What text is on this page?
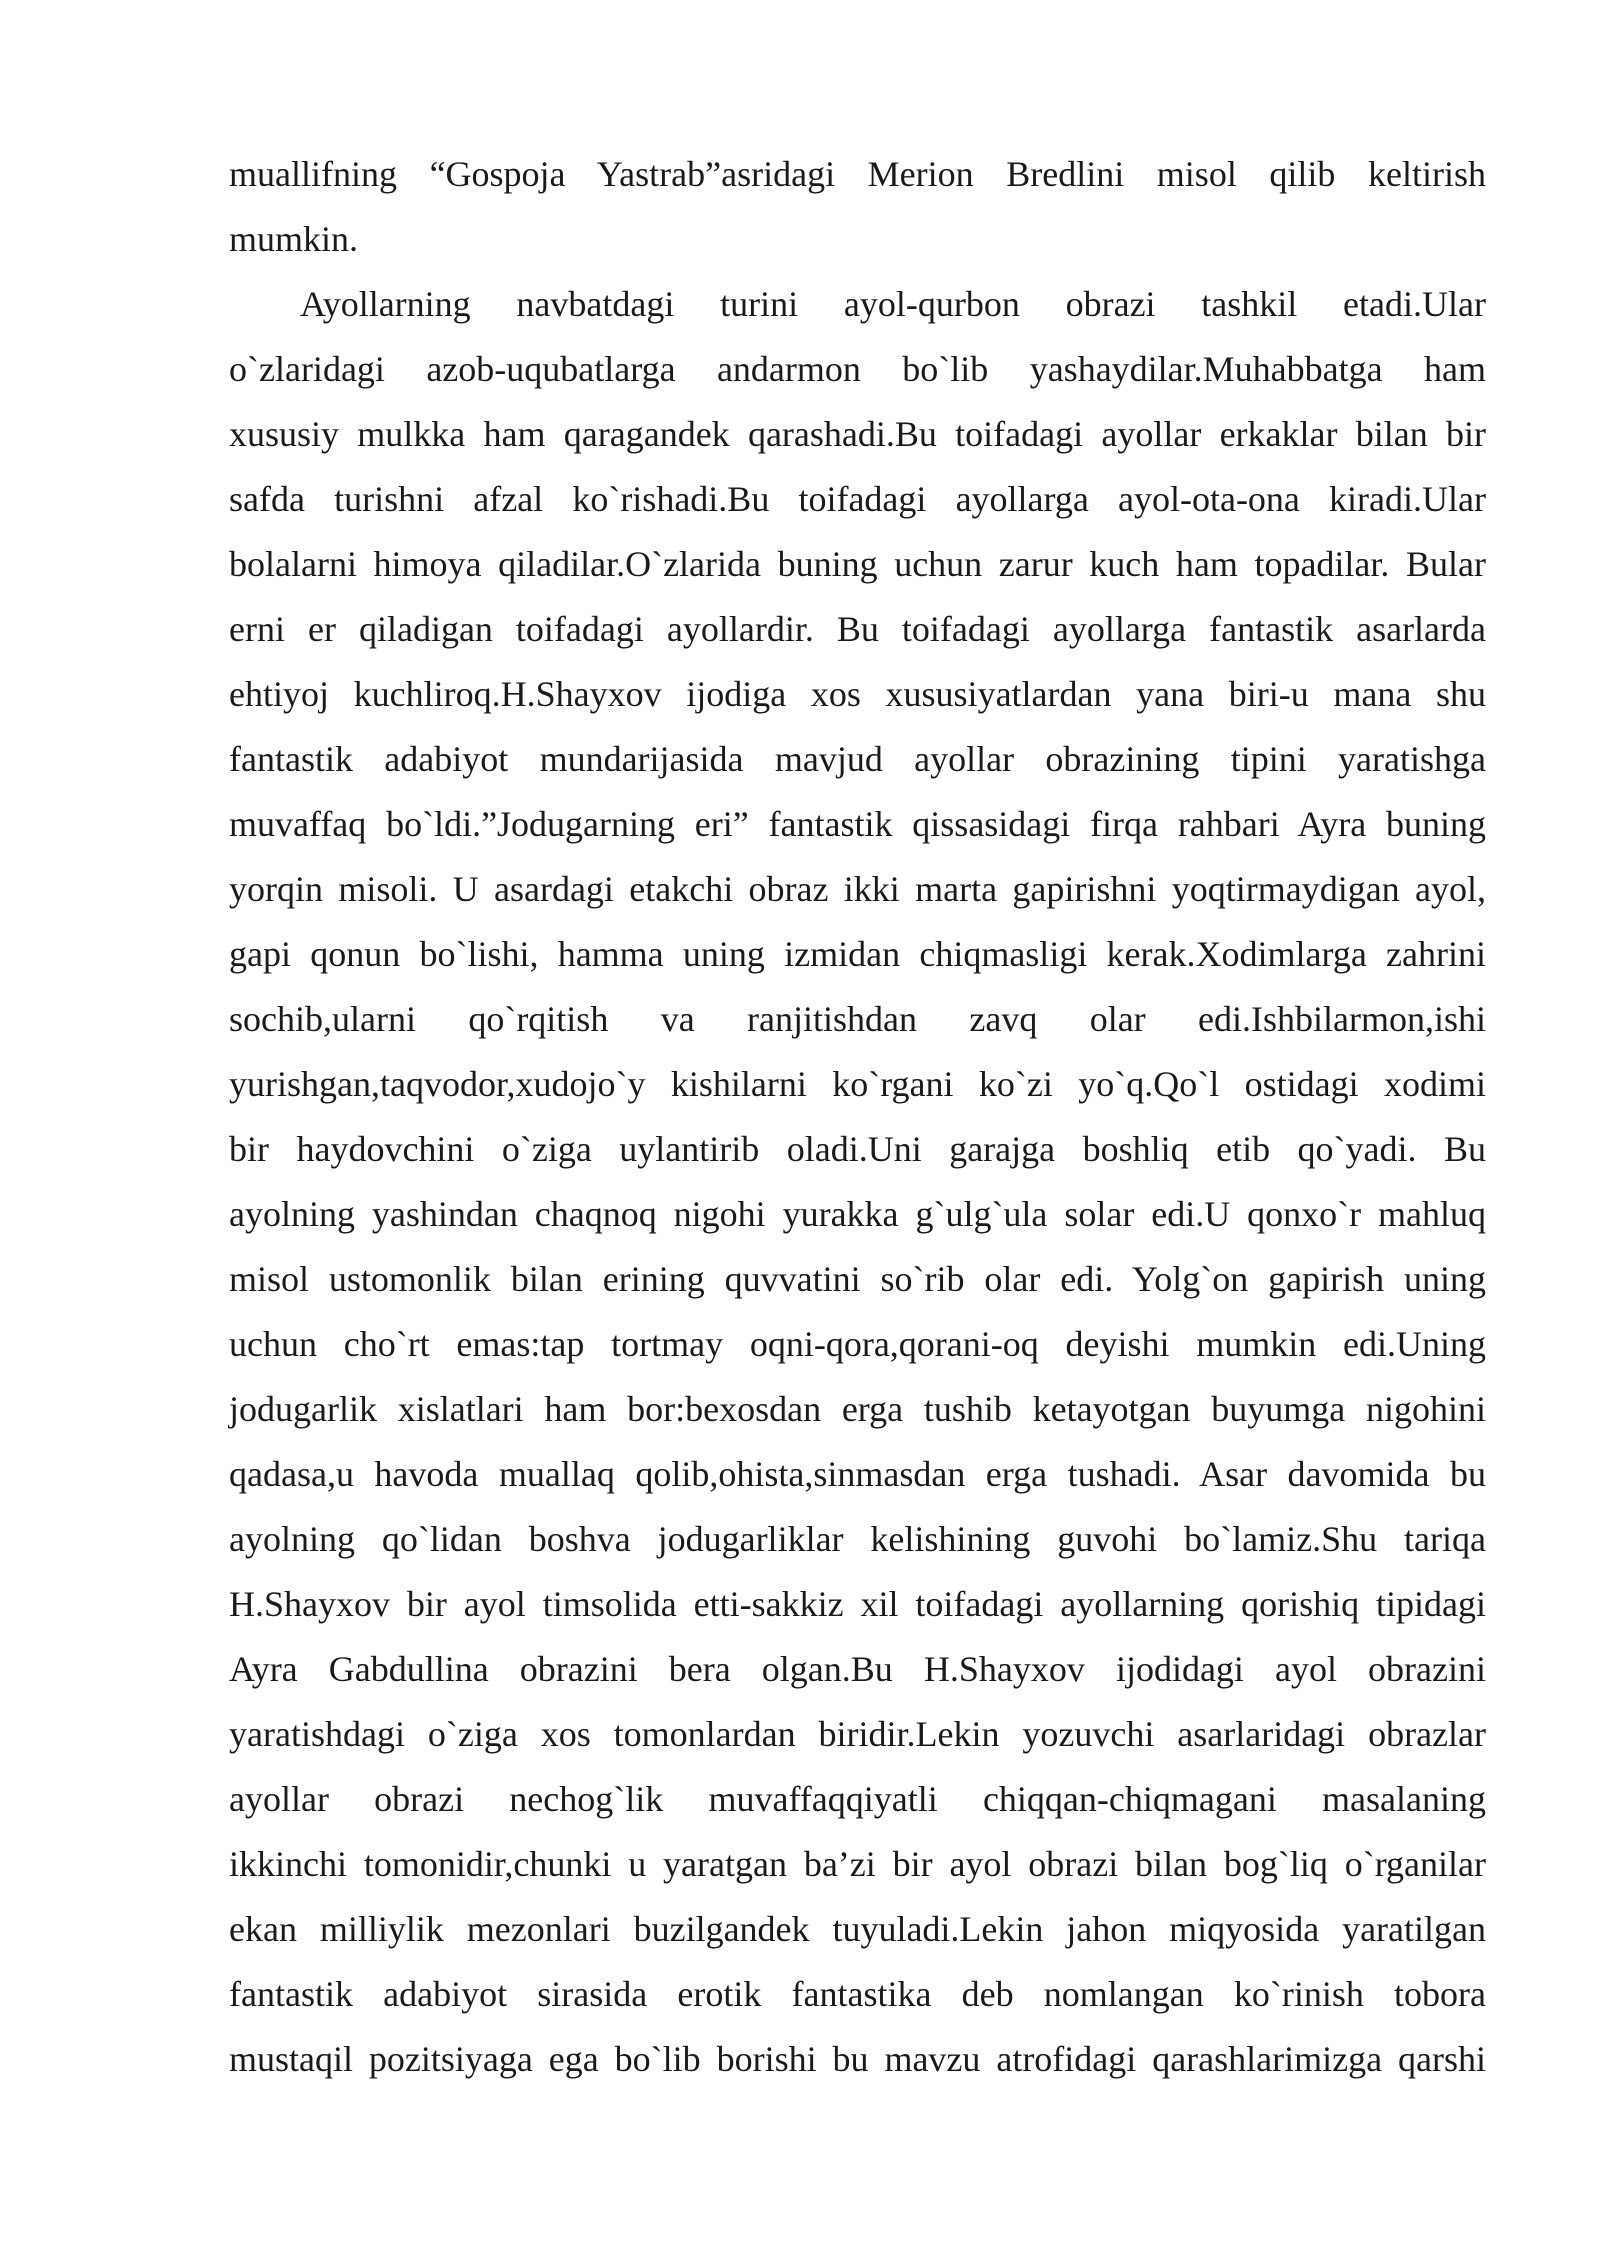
muallifning “Gospoja Yastrab”asridagi Merion Bredlini misol qilib keltirish
mumkin.
Ayollarning navbatdagi turini ayol-qurbon obrazi tashkil etadi.Ular
o`zlaridagi azob-uqubatlarga andarmon bo`lib yashaydilar.Muhabbatga ham
xususiy mulkka ham qaragandek qarashadi.Bu toifadagi ayollar erkaklar bilan bir
safda turishni afzal ko`rishadi.Bu toifadagi ayollarga ayol-ota-ona kiradi.Ular
bolalarni himoya qiladilar.O`zlarida buning uchun zarur kuch ham topadilar. Bular
erni er qiladigan toifadagi ayollardir. Bu toifadagi ayollarga fantastik asarlarda
ehtiyoj kuchliroq.H.Shayxov ijodiga xos xususiyatlardan yana biri-u mana shu
fantastik adabiyot mundarijasida mavjud ayollar obrazining tipini yaratishga
muvaffaq bo`ldi.”Jodugarning eri” fantastik qissasidagi firqa rahbari Ayra buning
yorqin misoli. U asardagi etakchi obraz ikki marta gapirishni yoqtirmaydigan ayol,
gapi qonun bo`lishi, hamma uning izmidan chiqmasligi kerak.Xodimlarga zahrini
sochib,ularni qo`rqitish va ranjitishdan zavq olar edi.Ishbilarmon,ishi
yurishgan,taqvodor,xudojo`y kishilarni ko`rgani ko`zi yo`q.Qo`l ostidagi xodimi
bir haydovchini o`ziga uylantirib oladi.Uni garajga boshliq etib qo`yadi. Bu
ayolning yashindan chaqnoq nigohi yurakka g`ulg`ula solar edi.U qonxo`r mahluq
misol ustomonlik bilan erining quvvatini so`rib olar edi. Yolg`on gapirish uning
uchun cho`rt emas:tap tortmay oqni-qora,qorani-oq deyishi mumkin edi.Uning
jodugarlik xislatlari ham bor:bexosdan erga tushib ketayotgan buyumga nigohini
qadasa,u havoda muallaq qolib,ohista,sinmasdan erga tushadi. Asar davomida bu
ayolning qo`lidan boshva jodugarliklar kelishining guvohi bo`lamiz.Shu tariqa
H.Shayxov bir ayol timsolida etti-sakkiz xil toifadagi ayollarning qorishiq tipidagi
Ayra Gabdullina obrazini bera olgan.Bu H.Shayxov ijodidagi ayol obrazini
yaratishdagi o`ziga xos tomonlardan biridir.Lekin yozuvchi asarlaridagi obrazlar
ayollar obrazi nechog`lik muvaffaqqiyatli chiqqan-chiqmagani masalaning
ikkinchi tomonidir,chunki u yaratgan ba’zi bir ayol obrazi bilan bog`liq o`rganilar
ekan milliylik mezonlari buzilgandek tuyuladi.Lekin jahon miqyosida yaratilgan
fantastik adabiyot sirasida erotik fantastika deb nomlangan ko`rinish tobora
mustaqil pozitsiyaga ega bo`lib borishi bu mavzu atrofidagi qarashlarimizga qarshi
